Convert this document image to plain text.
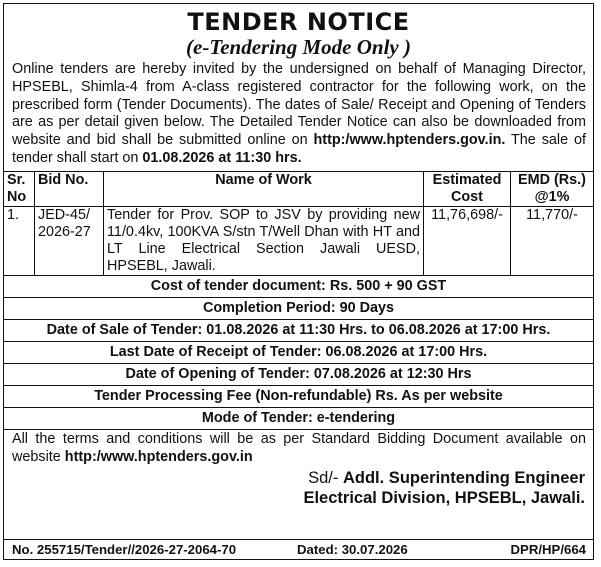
TENDER NOTICE
(e-Tendering Mode Only )
Online tenders are hereby invited by the undersigned on behalf of Managing Director, HPSEBL, Shimla-4 from A-class registered contractor for the following work, on the prescribed form (Tender Documents). The dates of Sale/ Receipt and Opening of Tenders are as per detail given below. The Detailed Tender Notice can also be downloaded from website and bid shall be submitted online on http:/www.hptenders.gov.in. The sale of tender shall start on 01.08.2026 at 11:30 hrs.
Sr. No	Bid No.	Name of Work	Estimated Cost	EMD (Rs.) @1%
1.	JED-45/ 2026-27	Tender for Prov. SOP to JSV by providing new 11/0.4kv, 100KVA S/stn T/Well Dhan with HT and LT Line Electrical Section Jawali UESD, HPSEBL, Jawali.	11,76,698/-	11,770/-
Cost of tender document: Rs. 500 + 90 GST				
Completion Period: 90 Days				
Date of Sale of Tender: 01.08.2026 at 11:30 Hrs. to 06.08.2026 at 17:00 Hrs.				
Last Date of Receipt of Tender: 06.08.2026 at 17:00 Hrs.				
Date of Opening of Tender: 07.08.2026 at 12:30 Hrs				
Tender Processing Fee (Non-refundable) Rs. As per website				
Mode of Tender: e-tendering				
All the terms and conditions will be as per Standard Bidding Document available on website http:/www.hptenders.gov.in
Sd/- Addl. Superintending Engineer
Electrical Division, HPSEBL, Jawali.
No. 255715/Tender//2026-27-2064-70	Dated: 30.07.2026	DPR/HP/664
